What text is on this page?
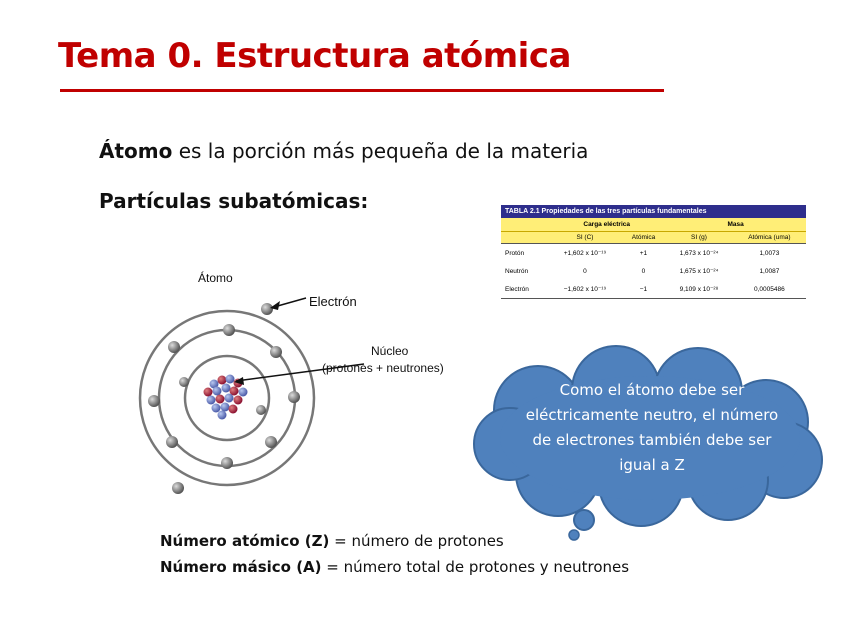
Tema 0. Estructura atómica
Átomo es la porción más pequeña de la materia
Partículas subatómicas:
Átomo
Electrón
Núcleo
(protones + neutrones)
TABLA 2.1 Propiedades de las tres partículas fundamentales				
	Carga eléctrica		Masa	
	SI (C)	Atómica	SI (g)	Atómica (uma)
Protón	+1,602 x 10⁻¹⁹	+1	1,673 x 10⁻²⁴	1,0073
Neutrón	0	0	1,675 x 10⁻²⁴	1,0087
Electrón	−1,602 x 10⁻¹⁹	−1	9,109 x 10⁻²⁸	0,0005486
Como el átomo debe ser
eléctricamente neutro, el número
de electrones también debe ser
igual a Z
Número atómico (Z) = número de protones
Número másico (A) = número total de protones y neutrones
